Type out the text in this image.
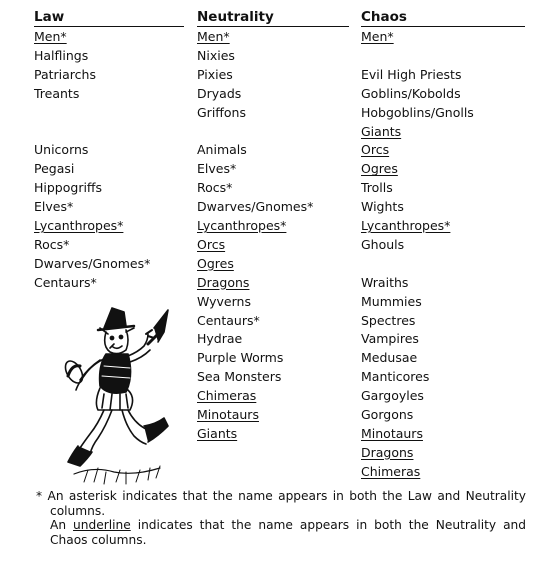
Law
Men*
Halflings
Patriarchs
Treants
Unicorns
Pegasi
Hippogriffs
Elves*
Lycanthropes*
Rocs*
Dwarves/Gnomes*
Centaurs*
Neutrality
Men*
Nixies
Pixies
Dryads
Griffons
Animals
Elves*
Rocs*
Dwarves/Gnomes*
Lycanthropes*
Orcs
Ogres
Dragons
Wyverns
Centaurs*
Hydrae
Purple Worms
Sea Monsters
Chimeras
Minotaurs
Giants
Chaos
Men*
Evil High Priests
Goblins/Kobolds
Hobgoblins/Gnolls
Giants
Orcs
Ogres
Trolls
Wights
Lycanthropes*
Ghouls
Wraiths
Mummies
Spectres
Vampires
Medusae
Manticores
Gargoyles
Gorgons
Minotaurs
Dragons
Chimeras
* An asterisk indicates that the name appears in both the Law and Neutrality columns.
An underline indicates that the name appears in both the Neutrality and Chaos columns.
